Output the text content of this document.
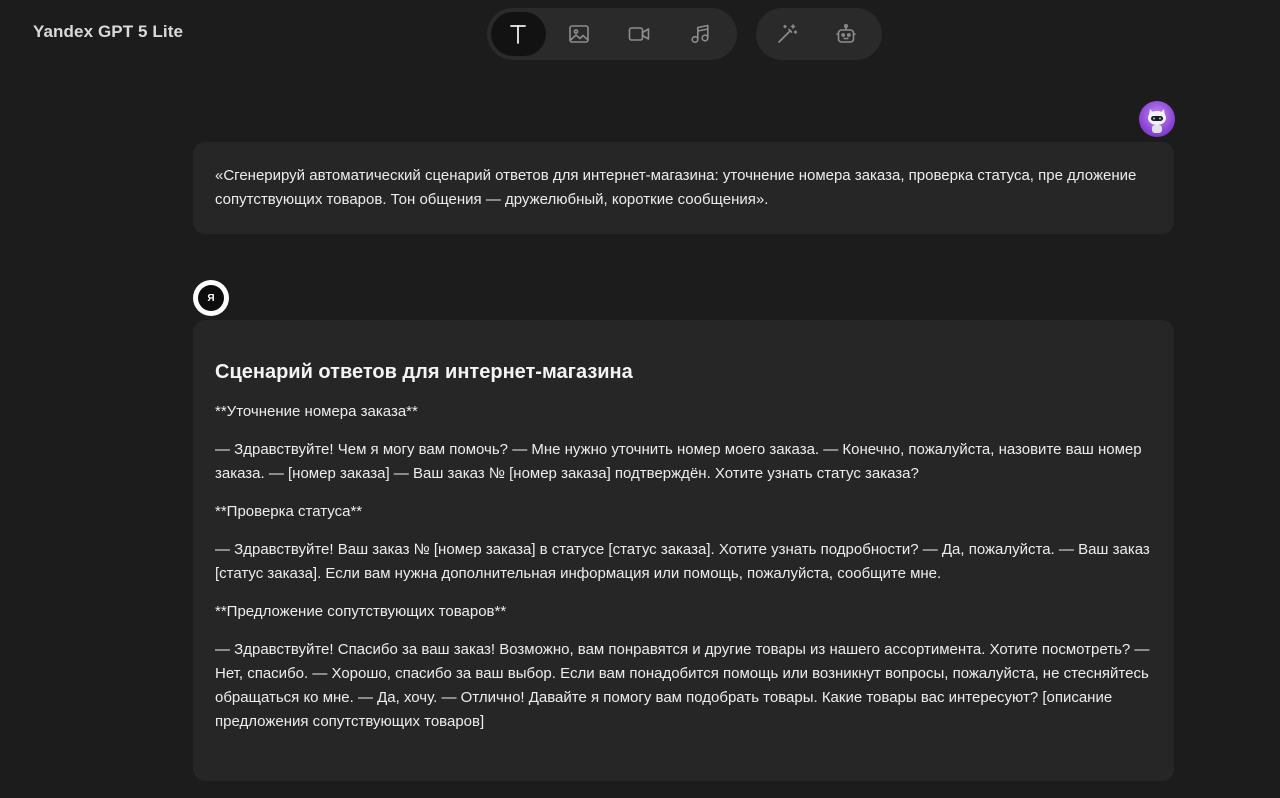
Yandex GPT 5 Lite

«Сгенерируй автоматический сценарий ответов для интернет-магазина: уточнение номера заказа, проверка статуса, пре дложение сопутствующих товаров. Тон общения — дружелюбный, короткие сообщения».

Я
Сценарий ответов для интернет-магазина

**Уточнение номера заказа**

— Здравствуйте! Чем я могу вам помочь? — Мне нужно уточнить номер моего заказа. — Конечно, пожалуйста, назовите ваш номер заказа. — [номер заказа] — Ваш заказ № [номер заказа] подтверждён. Хотите узнать статус заказа?

**Проверка статуса**

— Здравствуйте! Ваш заказ № [номер заказа] в статусе [статус заказа]. Хотите узнать подробности? — Да, пожалуйста. — Ваш заказ [статус заказа]. Если вам нужна дополнительная информация или помощь, пожалуйста, сообщите мне.

**Предложение сопутствующих товаров**

— Здравствуйте! Спасибо за ваш заказ! Возможно, вам понравятся и другие товары из нашего ассортимента. Хотите посмотреть? — Нет, спасибо. — Хорошо, спасибо за ваш выбор. Если вам понадобится помощь или возникнут вопросы, пожалуйста, не стесняйтесь обращаться ко мне. — Да, хочу. — Отлично! Давайте я помогу вам подобрать товары. Какие товары вас интересуют? [описание предложения сопутствующих товаров]
